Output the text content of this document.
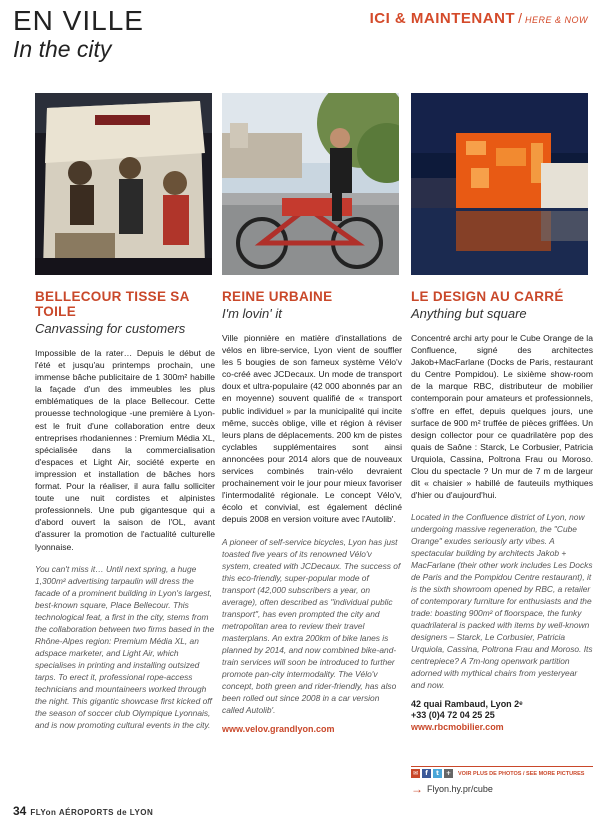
EN VILLE
In the city
ICI & MAINTENANT / HERE & NOW
BELLECOUR TISSE SA TOILE
Canvassing for customers

Impossible de la rater… Depuis le début de l'été et jusqu'au printemps prochain, une immense bâche publicitaire de 1 300m² habille la façade d'un des immeubles les plus emblématiques de la place Bellecour. Cette prouesse technologique -une première à Lyon- est le fruit d'une collaboration entre deux entreprises rhodaniennes : Premium Média XL, spécialisée dans la commercialisation d'espaces et Light Air, société experte en impression et installation de bâches hors format. Pour la réaliser, il aura fallu solliciter toute une nuit cordistes et alpinistes professionnels. Une pub gigantesque qui a d'abord ouvert la saison de l'OL, avant d'assurer la promotion de l'actualité culturelle lyonnaise.

You can't miss it… Until next spring, a huge 1,300m² advertising tarpaulin will dress the facade of a prominent building in Lyon's largest, best-known square, Place Bellecour. This technological feat, a first in the city, stems from the collaboration between two firms based in the Rhône-Alpes region: Premium Média XL, an adspace marketer, and Light Air, which specialises in printing and installing outsized tarps. To erect it, professional rope-access technicians and mountaineers worked through the night. This gigantic showcase first kicked off the season of soccer club Olympique Lyonnais, and is now promoting cultural events in the city.

REINE URBAINE
I'm lovin' it

Ville pionnière en matière d'installations de vélos en libre-service, Lyon vient de souffler les 5 bougies de son fameux système Vélo'v co-créé avec JCDecaux. Un mode de transport doux et ultra-populaire (42 000 abonnés par an en moyenne) souvent qualifié de « transport public individuel » par la municipalité qui incite même, succès oblige, ville et région à réviser leurs plans de déplacements. 200 km de pistes cyclables supplémentaires sont ainsi annoncées pour 2014 alors que de nouveaux services combinés train-vélo devraient prochainement voir le jour pour mieux favoriser l'intermodalité régionale. Le concept Vélo'v, écolo et convivial, est également décliné depuis 2008 en version voiture avec l'Autolib'.

A pioneer of self-service bicycles, Lyon has just toasted five years of its renowned Vélo'v system, created with JCDecaux. The success of this eco-friendly, super-popular mode of transport (42,000 subscribers a year, on average), often described as "individual public transport", has even prompted the city and metropolitan area to review their travel masterplans. An extra 200km of bike lanes is planned by 2014, and now combined bike-and-train services will soon be introduced to further promote pan-city intermodality. The Vélo'v concept, both green and rider-friendly, has also been rolled out since 2008 in a car version called Autolib'.

www.velov.grandlyon.com
LE DESIGN AU CARRÉ
Anything but square

Concentré archi arty pour le Cube Orange de la Confluence, signé des architectes Jakob+MacFarlane (Docks de Paris, restaurant du Centre Pompidou). Le sixième show-room de la marque RBC, distributeur de mobilier contemporain pour amateurs et professionnels, s'offre en effet, depuis quelques jours, une surface de 900 m² truffée de pièces griffées. Un design collector pour ce quadrilatère pop des quais de Saône : Starck, Le Corbusier, Patricia Urquiola, Cassina, Poltrona Frau ou Moroso. Clou du spectacle ? Un mur de 7 m de largeur dit « chaisier » habillé de fauteuils mythiques d'hier ou d'aujourd'hui.

Located in the Confluence district of Lyon, now undergoing massive regeneration, the "Cube Orange" exudes seriously arty vibes. A spectacular building by architects Jakob + MacFarlane (their other work includes Les Docks de Paris and the Pompidou Centre restaurant), it is the sixth showroom opened by RBC, a retailer of contemporary furniture for enthusiasts and the trade: boasting 900m² of floorspace, the funky quadrilateral is packed with items by well-known designers – Starck, Le Corbusier, Patricia Urquiola, Cassina, Poltrona Frau and Moroso. Its centrepiece? A 7m-long openwork partition adorned with mythical chairs from yesteryear and now.

42 quai Rambaud, Lyon 2ᵉ
+33 (0)4 72 04 25 25
www.rbcmobilier.com
✉	f	t	+	VOIR PLUS DE PHOTOS / SEE MORE PICTURES
→ Flyon.hy.pr/cube
34 FLYon AÉROPORTS de LYON
